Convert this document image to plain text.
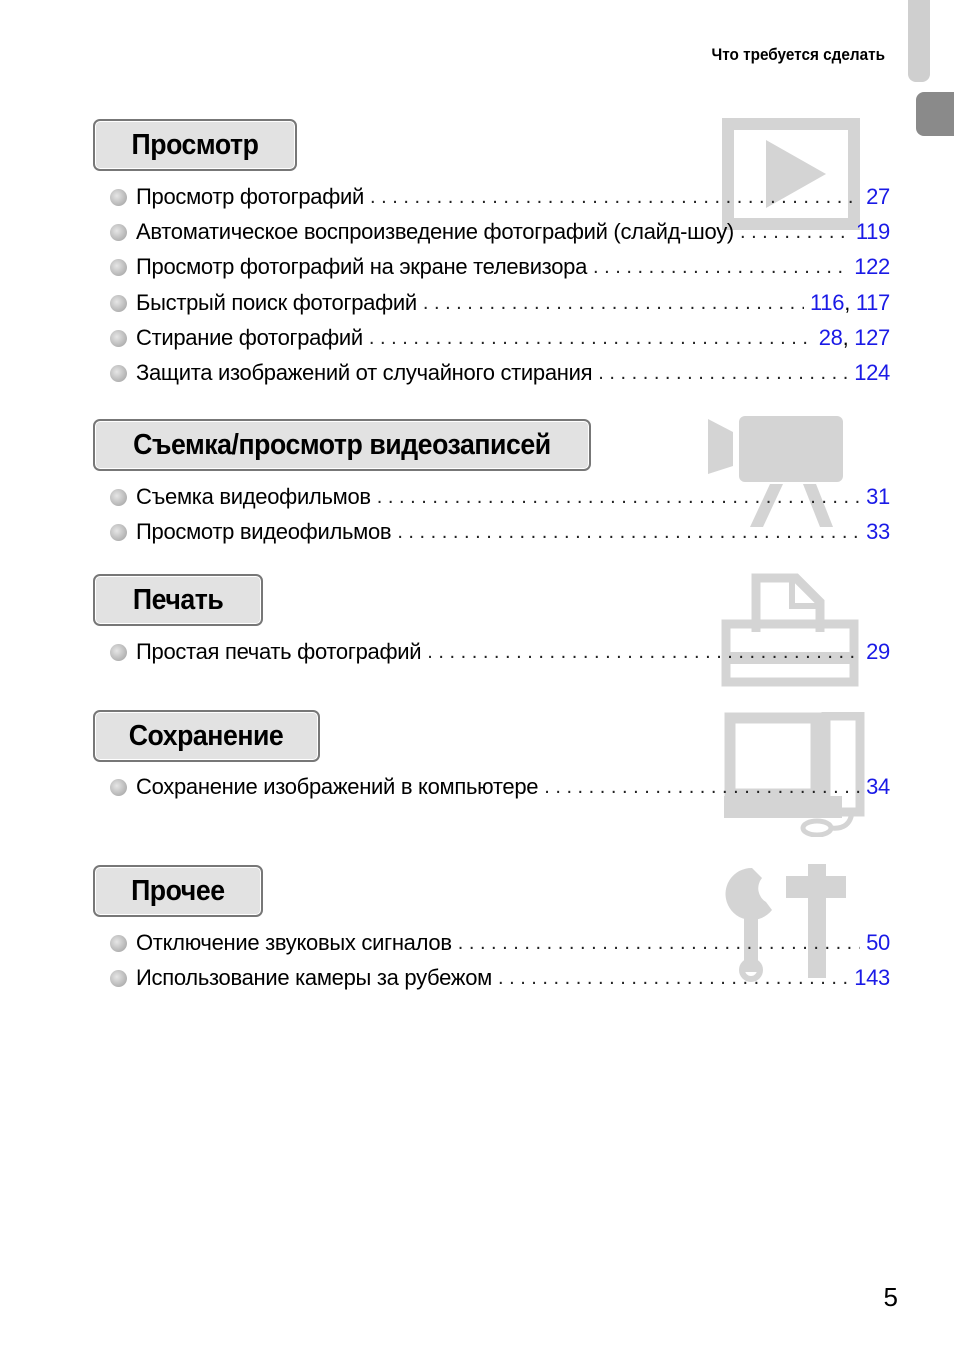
Что требуется сделать
Просмотр
Просмотр фотографий . . .	27
Автоматическое воспроизведение фотографий (слайд-шоу) . . .	119
Просмотр фотографий на экране телевизора . . .	122
Быстрый поиск фотографий . . .	116, 117
Стирание фотографий . . .	28, 127
Защита изображений от случайного стирания . . .	124
Съемка/просмотр видеозаписей
Съемка видеофильмов . . .	31
Просмотр видеофильмов . . .	33
Печать
Простая печать фотографий . . .	29
Сохранение
Сохранение изображений в компьютере . . .	34
Прочее
Отключение звуковых сигналов . . .	50
Использование камеры за рубежом . . .	143
5
